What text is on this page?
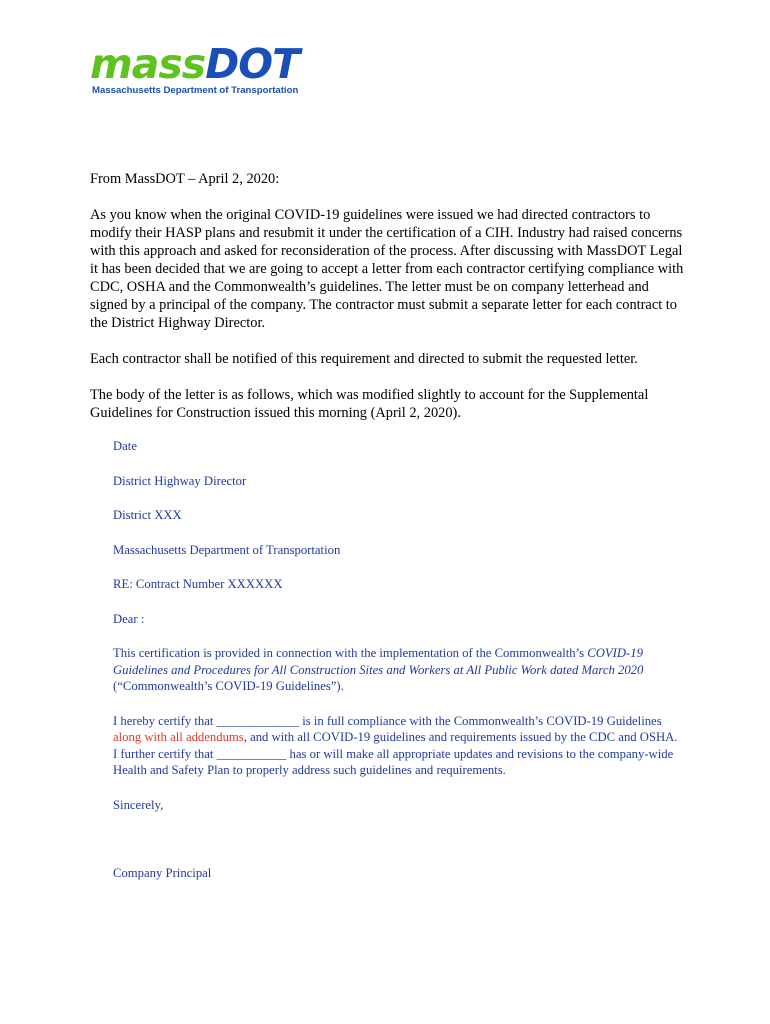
massDOT
Massachusetts Department of Transportation

From MassDOT – April 2, 2020:

As you know when the original COVID-19 guidelines were issued we had directed contractors to modify their HASP plans and resubmit it under the certification of a CIH. Industry had raised concerns with this approach and asked for reconsideration of the process. After discussing with MassDOT Legal it has been decided that we are going to accept a letter from each contractor certifying compliance with CDC, OSHA and the Commonwealth’s guidelines. The letter must be on company letterhead and signed by a principal of the company. The contractor must submit a separate letter for each contract to the District Highway Director.

Each contractor shall be notified of this requirement and directed to submit the requested letter.

The body of the letter is as follows, which was modified slightly to account for the Supplemental Guidelines for Construction issued this morning (April 2, 2020).

Date

District Highway Director

District XXX

Massachusetts Department of Transportation

RE: Contract Number XXXXXX

Dear :

This certification is provided in connection with the implementation of the Commonwealth’s COVID-19 Guidelines and Procedures for All Construction Sites and Workers at All Public Work dated March 2020 (“Commonwealth’s COVID-19 Guidelines”).

I hereby certify that _____________ is in full compliance with the Commonwealth’s COVID-19 Guidelines along with all addendums, and with all COVID-19 guidelines and requirements issued by the CDC and OSHA. I further certify that ___________ has or will make all appropriate updates and revisions to the company-wide Health and Safety Plan to properly address such guidelines and requirements.

Sincerely,

Company Principal
